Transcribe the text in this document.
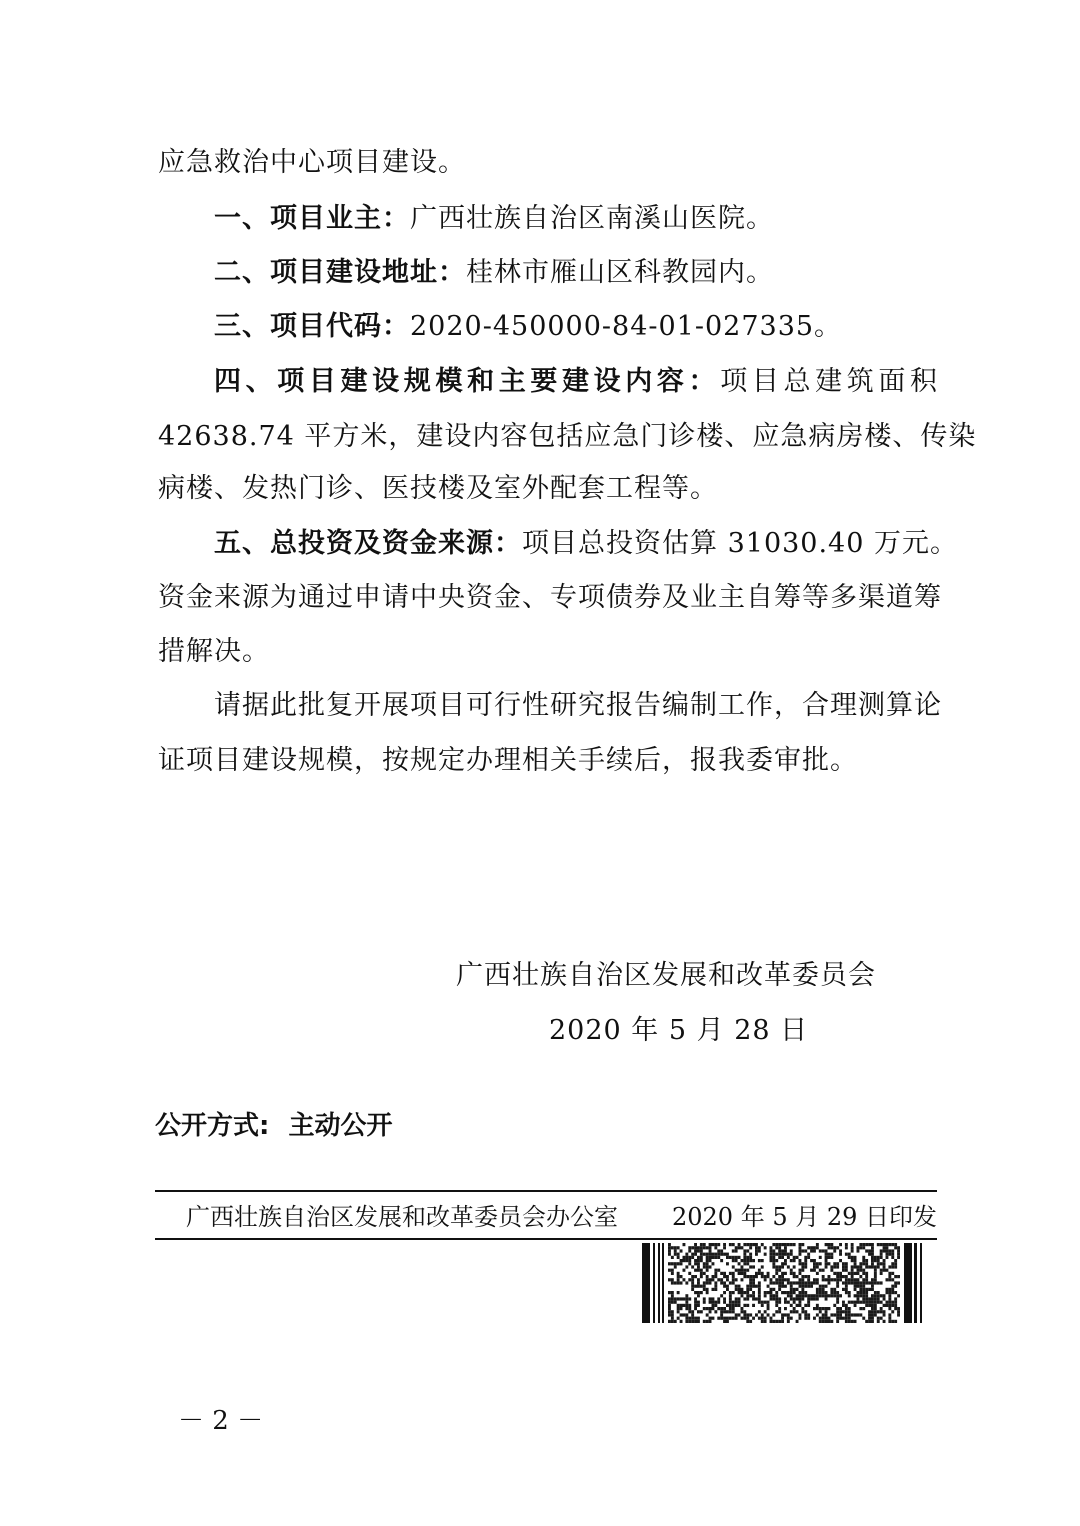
应急救治中心项目建设。
一、项目业主：广西壮族自治区南溪山医院。
二、项目建设地址：桂林市雁山区科教园内。
三、项目代码：2020-450000-84-01-027335。
四、项目建设规模和主要建设内容：项目总建筑面积
42638.74 平方米，建设内容包括应急门诊楼、应急病房楼、传染
病楼、发热门诊、医技楼及室外配套工程等。
五、总投资及资金来源：项目总投资估算 31030.40 万元。
资金来源为通过申请中央资金、专项债券及业主自筹等多渠道筹
措解决。
请据此批复开展项目可行性研究报告编制工作，合理测算论
证项目建设规模，按规定办理相关手续后，报我委审批。
广西壮族自治区发展和改革委员会
2020 年 5 月 28 日
公开方式: 主动公开
广西壮族自治区发展和改革委员会办公室 2020 年 5 月 29 日印发
－ 2 －
